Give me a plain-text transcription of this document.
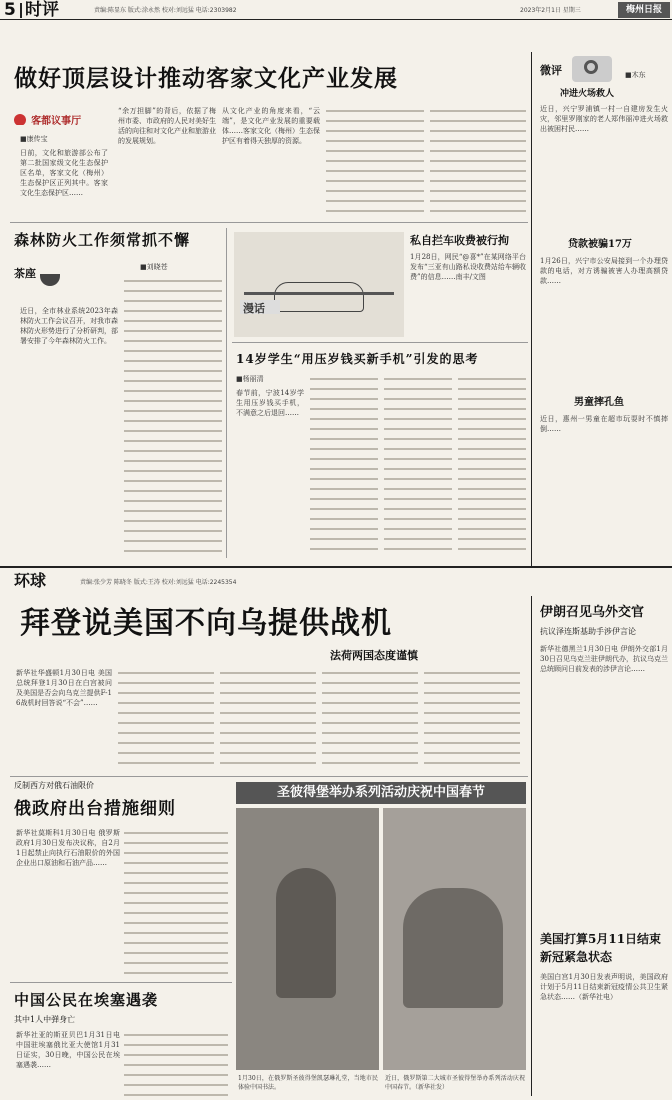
5 时评	责编:陈显东 版式:涂永然 校对:刘远猛 电话:2303982	2023年2月1日 星期三	梅州日报
做好顶层设计推动客家文化产业发展
客都议事厅
■康传宝
日前，文化和旅游部公布了第二批国家级文化生态保护区名单，客家文化（梅州）生态保护区正列其中。客家文化生态保护区……
“余万担脚”的背后，依据了梅州市委、市政府的人民对美好生活的向往和对文化产业和旅游业的发展规划。
从文化产业的角度来看，“云端”，是文化产业发展的重要载体……客家文化（梅州）生态保护区有着得天独厚的资源。
微评	■木东
冲进火场救人
近日，兴宁罗浦镇一村一自建房发生火灾，邻里罗刚家的老人郑伟丽冲进火场救出被困村民……
贷款被骗17万
1月26日，兴宁市公安局接到一个办理贷款的电话，对方诱骗被害人办理高额贷款……
男童摔孔鱼
近日，惠州一男童在超市玩耍时不慎摔倒……
森林防火工作须常抓不懈
茶座	■刘晓苍
近日，全市林业系统2023年森林防火工作会议召开，对我市森林防火形势进行了分析研判，部署安排了今年森林防火工作。
私自拦车收费被行拘
漫话
1月28日，网民“@喜*”在某网络平台发布“三亚有山路私设收费站给车辆收费”的信息……南丰/文图
14岁学生“用压岁钱买新手机”引发的思考
■杨丽清
春节前，宁波14岁学生用压岁钱买手机，不满意之后退回……
环球	责编:张少芳 陈晓冬 版式:王涛 校对:刘远猛 电话:2245354
拜登说美国不向乌提供战机
法荷两国态度谨慎
新华社华盛顿1月30日电 美国总统拜登1月30日在白宫被问及美国是否会向乌克兰提供F-16战机时回答说“不会”……
伊朗召见乌外交官
抗议泽连斯基助手涉伊言论
新华社德黑兰1月30日电 伊朗外交部1月30日召见乌克兰驻伊朗代办，抗议乌克兰总统顾问日前发表的涉伊言论……
美国打算5月11日结束新冠紧急状态
美国白宫1月30日发表声明说，美国政府计划于5月11日结束新冠疫情公共卫生紧急状态……（新华社电）
反制西方对俄石油限价
俄政府出台措施细则
新华社莫斯科1月30日电 俄罗斯政府1月30日发布决议称，自2月1日起禁止向执行石油限价的外国企业出口原油和石油产品……
中国公民在埃塞遇袭
其中1人中弹身亡
新华社亚的斯亚贝巴1月31日电 中国驻埃塞俄比亚大使馆1月31日证实，30日晚，中国公民在埃塞遇袭……
圣彼得堡举办系列活动庆祝中国春节
1月30日，在俄罗斯圣彼得堡凯瑟琳礼堂，当地市民体验中国书法。
近日，俄罗斯第二大城市圣彼得堡举办系列活动庆祝中国春节。（新华社发）
